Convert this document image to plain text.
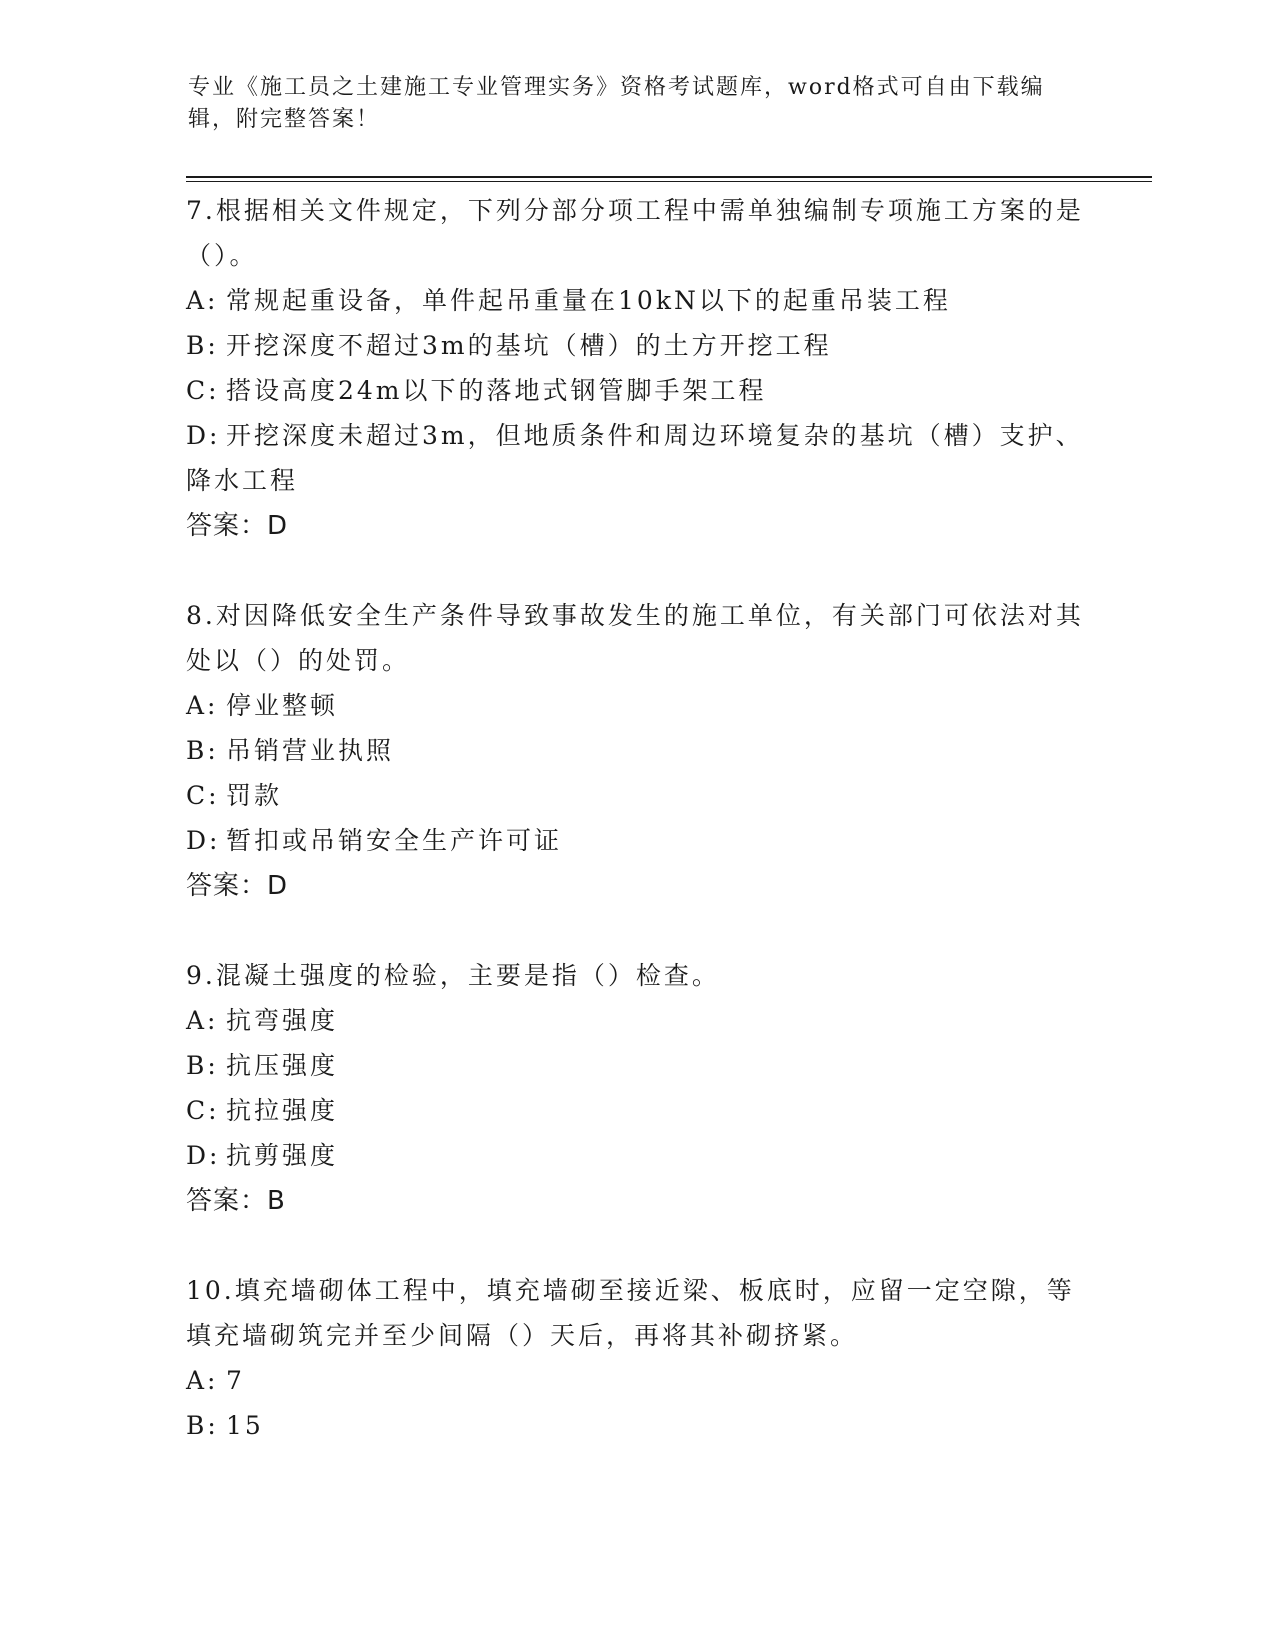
专业《施工员之土建施工专业管理实务》资格考试题库，word格式可自由下载编辑，附完整答案！

7.根据相关文件规定，下列分部分项工程中需单独编制专项施工方案的是（）。

A: 常规起重设备，单件起吊重量在10kN以下的起重吊装工程

B: 开挖深度不超过3m的基坑（槽）的土方开挖工程

C: 搭设高度24m以下的落地式钢管脚手架工程

D: 开挖深度未超过3m，但地质条件和周边环境复杂的基坑（槽）支护、降水工程

答案：D

8.对因降低安全生产条件导致事故发生的施工单位，有关部门可依法对其处以（）的处罚。

A: 停业整顿

B: 吊销营业执照

C: 罚款

D: 暂扣或吊销安全生产许可证

答案：D

9.混凝土强度的检验，主要是指（）检查。

A: 抗弯强度

B: 抗压强度

C: 抗拉强度

D: 抗剪强度

答案：B

10.填充墙砌体工程中，填充墙砌至接近梁、板底时，应留一定空隙，等填充墙砌筑完并至少间隔（）天后，再将其补砌挤紧。

A: 7

B: 15
